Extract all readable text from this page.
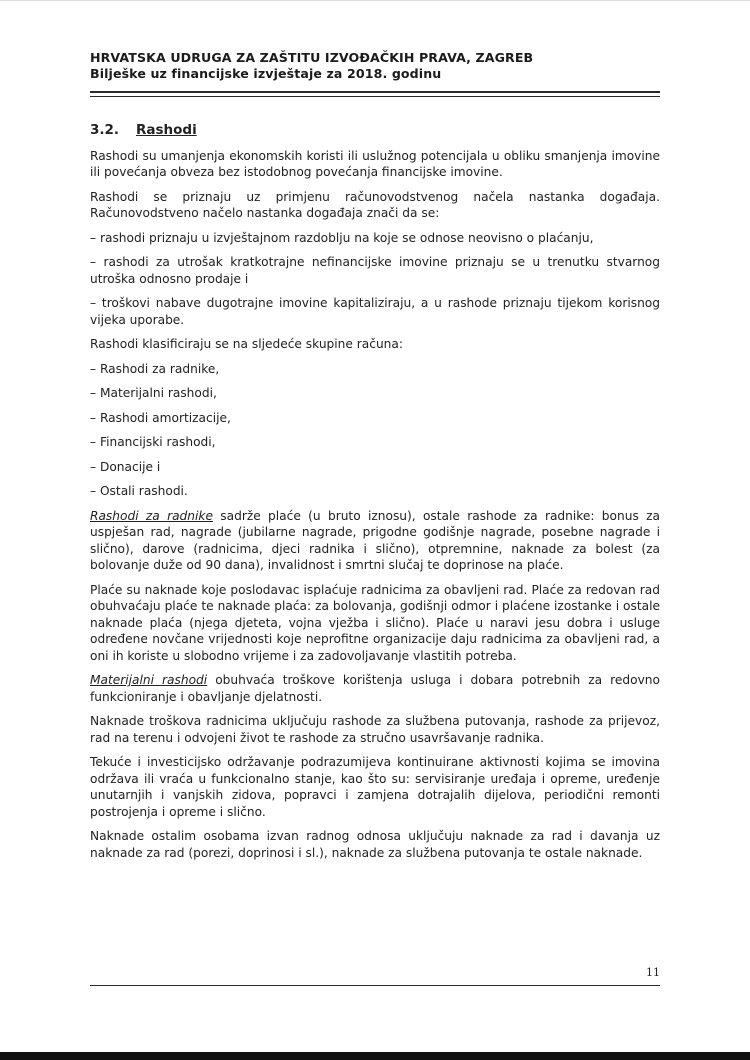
HRVATSKA UDRUGA ZA ZAŠTITU IZVOĐAČKIH PRAVA, ZAGREB
Bilješke uz financijske izvještaje za 2018. godinu
3.2. Rashodi

Rashodi su umanjenja ekonomskih koristi ili uslužnog potencijala u obliku smanjenja imovine ili povećanja obveza bez istodobnog povećanja financijske imovine.

Rashodi se priznaju uz primjenu računovodstvenog načela nastanka događaja. Računovodstveno načelo nastanka događaja znači da se:

– rashodi priznaju u izvještajnom razdoblju na koje se odnose neovisno o plaćanju,

– rashodi za utrošak kratkotrajne nefinancijske imovine priznaju se u trenutku stvarnog utroška odnosno prodaje i

– troškovi nabave dugotrajne imovine kapitaliziraju, a u rashode priznaju tijekom korisnog vijeka uporabe.

Rashodi klasificiraju se na sljedeće skupine računa:

– Rashodi za radnike,
– Materijalni rashodi,
– Rashodi amortizacije,
– Financijski rashodi,
– Donacije i
– Ostali rashodi.

Rashodi za radnike sadrže plaće (u bruto iznosu), ostale rashode za radnike: bonus za uspješan rad, nagrade (jubilarne nagrade, prigodne godišnje nagrade, posebne nagrade i slično), darove (radnicima, djeci radnika i slično), otpremnine, naknade za bolest (za bolovanje duže od 90 dana), invalidnost i smrtni slučaj te doprinose na plaće.

Plaće su naknade koje poslodavac isplaćuje radnicima za obavljeni rad. Plaće za redovan rad obuhvaćaju plaće te naknade plaća: za bolovanja, godišnji odmor i plaćene izostanke i ostale naknade plaća (njega djeteta, vojna vježba i slično). Plaće u naravi jesu dobra i usluge određene novčane vrijednosti koje neprofitne organizacije daju radnicima za obavljeni rad, a oni ih koriste u slobodno vrijeme i za zadovoljavanje vlastitih potreba.

Materijalni rashodi obuhvaća troškove korištenja usluga i dobara potrebnih za redovno funkcioniranje i obavljanje djelatnosti.

Naknade troškova radnicima uključuju rashode za službena putovanja, rashode za prijevoz, rad na terenu i odvojeni život te rashode za stručno usavršavanje radnika.

Tekuće i investicijsko održavanje podrazumijeva kontinuirane aktivnosti kojima se imovina održava ili vraća u funkcionalno stanje, kao što su: servisiranje uređaja i opreme, uređenje unutarnjih i vanjskih zidova, popravci i zamjena dotrajalih dijelova, periodični remonti postrojenja i opreme i slično.

Naknade ostalim osobama izvan radnog odnosa uključuju naknade za rad i davanja uz naknade za rad (porezi, doprinosi i sl.), naknade za službena putovanja te ostale naknade.

11
